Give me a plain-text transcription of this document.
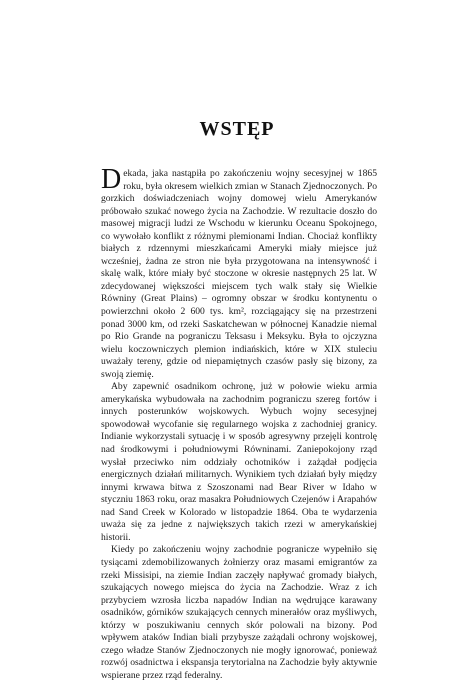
WSTĘP

Dekada, jaka nastąpiła po zakończeniu wojny secesyjnej w 1865 roku, była okresem wielkich zmian w Stanach Zjednoczonych. Po gorzkich doświadczeniach wojny domowej wielu Amerykanów próbowało szukać nowego życia na Zachodzie. W rezultacie doszło do masowej migracji ludzi ze Wschodu w kierunku Oceanu Spokojnego, co wywołało konflikt z różnymi plemionami Indian. Chociaż konflikty białych z rdzennymi mieszkańcami Ameryki miały miejsce już wcześniej, żadna ze stron nie była przygotowana na intensywność i skalę walk, które miały być stoczone w okresie następnych 25 lat. W zdecydowanej większości miejscem tych walk stały się Wielkie Równiny (Great Plains) – ogromny obszar w środku kontynentu o powierzchni około 2 600 tys. km², rozciągający się na przestrzeni ponad 3000 km, od rzeki Saskatchewan w północnej Kanadzie niemal po Rio Grande na pograniczu Teksasu i Meksyku. Była to ojczyzna wielu koczowniczych plemion indiańskich, które w XIX stuleciu uważały tereny, gdzie od niepamiętnych czasów pasły się bizony, za swoją ziemię.

Aby zapewnić osadnikom ochronę, już w połowie wieku armia amerykańska wybudowała na zachodnim pograniczu szereg fortów i innych posterunków wojskowych. Wybuch wojny secesyjnej spowodował wycofanie się regularnego wojska z zachodniej granicy. Indianie wykorzystali sytuację i w sposób agresywny przejęli kontrolę nad środkowymi i południowymi Równinami. Zaniepokojony rząd wysłał przeciwko nim oddziały ochotników i zażądał podjęcia energicznych działań militarnych. Wynikiem tych działań były między innymi krwawa bitwa z Szoszonami nad Bear River w Idaho w styczniu 1863 roku, oraz masakra Południowych Czejenów i Arapahów nad Sand Creek w Kolorado w listopadzie 1864. Oba te wydarzenia uważa się za jedne z największych takich rzezi w amerykańskiej historii.

Kiedy po zakończeniu wojny zachodnie pogranicze wypełniło się tysiącami zdemobilizowanych żołnierzy oraz masami emigrantów za rzeki Missisipi, na ziemie Indian zaczęły napływać gromady białych, szukających nowego miejsca do życia na Zachodzie. Wraz z ich przybyciem wzrosła liczba napadów Indian na wędrujące karawany osadników, górników szukających cennych minerałów oraz myśliwych, którzy w poszukiwaniu cennych skór polowali na bizony. Pod wpływem ataków Indian biali przybysze zażądali ochrony wojskowej, czego władze Stanów Zjednoczonych nie mogły ignorować, ponieważ rozwój osadnictwa i ekspansja terytorialna na Zachodzie były aktywnie wspierane przez rząd federalny.
